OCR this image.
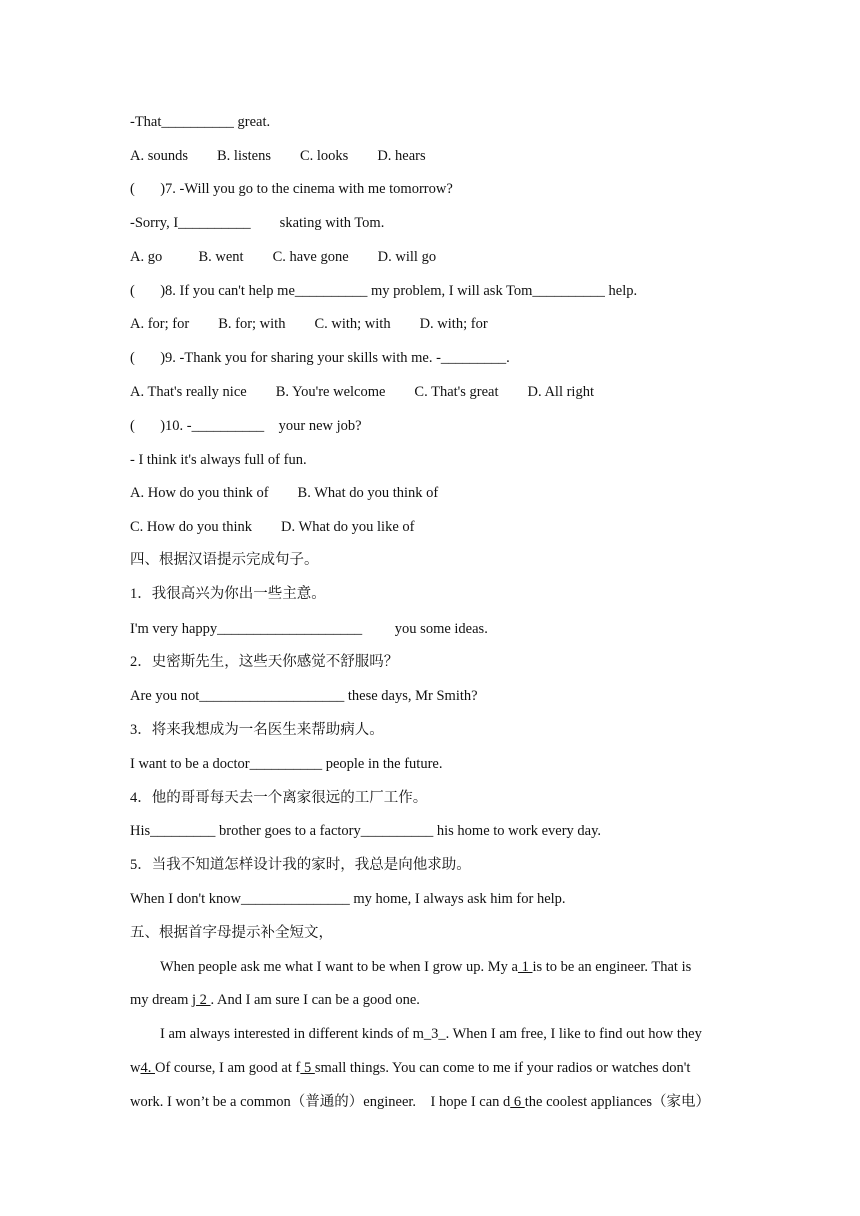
-That__________ great.
A. sounds        B. listens        C. looks        D. hears
(       )7. -Will you go to the cinema with me tomorrow?
-Sorry, I__________        skating with Tom.
A. go          B. went        C. have gone        D. will go
(       )8. If you can't help me__________ my problem, I will ask Tom__________ help.
A. for; for        B. for; with        C. with; with        D. with; for
(       )9. -Thank you for sharing your skills with me. -_________.
A. That's really nice        B. You're welcome        C. That's great        D. All right
(       )10. -__________    your new job?
- I think it's always full of fun.
A. How do you think of        B. What do you think of
C. How do you think        D. What do you like of
四、根据汉语提示完成句子。
1．我很高兴为你出一些主意。
I'm very happy____________________         you some ideas.
2．史密斯先生，这些天你感觉不舒服吗？
Are you not____________________ these days, Mr Smith?
3．将来我想成为一名医生来帮助病人。
I want to be a doctor__________ people in the future.
4．他的哥哥每天去一个离家很远的工厂工作。
His_________ brother goes to a factory__________ his home to work every day.
5．当我不知道怎样设计我的家时，我总是向他求助。
When I don't know_______________ my home, I always ask him for help.
五、根据首字母提示补全短文，
When people ask me what I want to be when I grow up. My a 1 is to be an engineer. That is
my dream j 2 . And I am sure I can be a good one.
I am always interested in different kinds of m_3_. When I am free, I like to find out how they
w4. Of course, I am good at f 5 small things. You can come to me if your radios or watches don't
work. I won’t be a common（普通的）engineer.    I hope I can d 6 the coolest appliances（家电）
